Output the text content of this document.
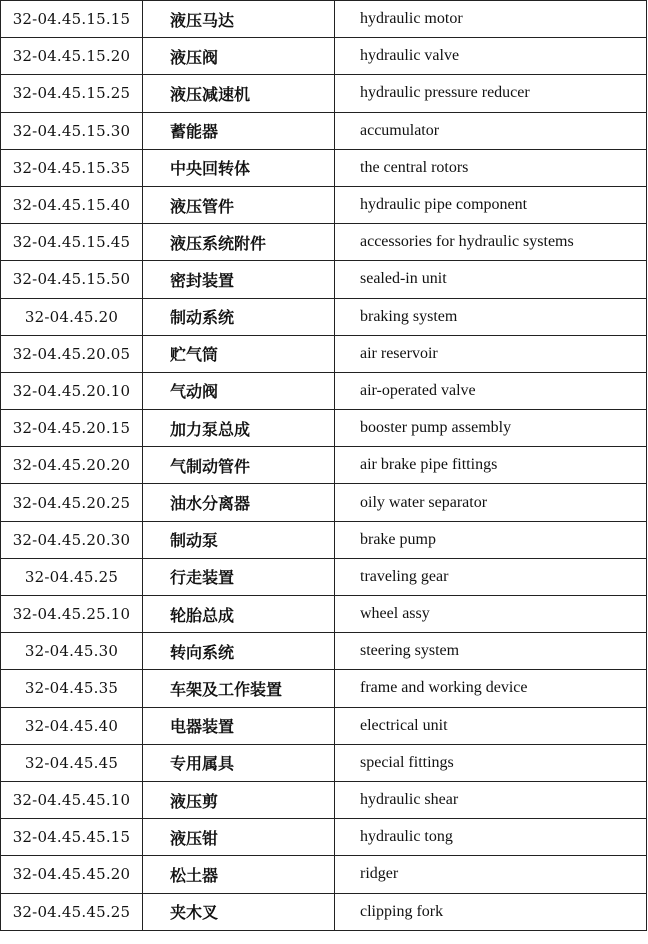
32-04.45.15.15	液压马达	hydraulic motor
32-04.45.15.20	液压阀	hydraulic valve
32-04.45.15.25	液压减速机	hydraulic pressure reducer
32-04.45.15.30	蓄能器	accumulator
32-04.45.15.35	中央回转体	the central rotors
32-04.45.15.40	液压管件	hydraulic pipe component
32-04.45.15.45	液压系统附件	accessories for hydraulic systems
32-04.45.15.50	密封装置	sealed-in unit
32-04.45.20	制动系统	braking system
32-04.45.20.05	贮气筒	air reservoir
32-04.45.20.10	气动阀	air-operated valve
32-04.45.20.15	加力泵总成	booster pump assembly
32-04.45.20.20	气制动管件	air brake pipe fittings
32-04.45.20.25	油水分离器	oily water separator
32-04.45.20.30	制动泵	brake pump
32-04.45.25	行走装置	traveling gear
32-04.45.25.10	轮胎总成	wheel assy
32-04.45.30	转向系统	steering system
32-04.45.35	车架及工作装置	frame and working device
32-04.45.40	电器装置	electrical unit
32-04.45.45	专用属具	special fittings
32-04.45.45.10	液压剪	hydraulic shear
32-04.45.45.15	液压钳	hydraulic tong
32-04.45.45.20	松土器	ridger
32-04.45.45.25	夹木叉	clipping fork
